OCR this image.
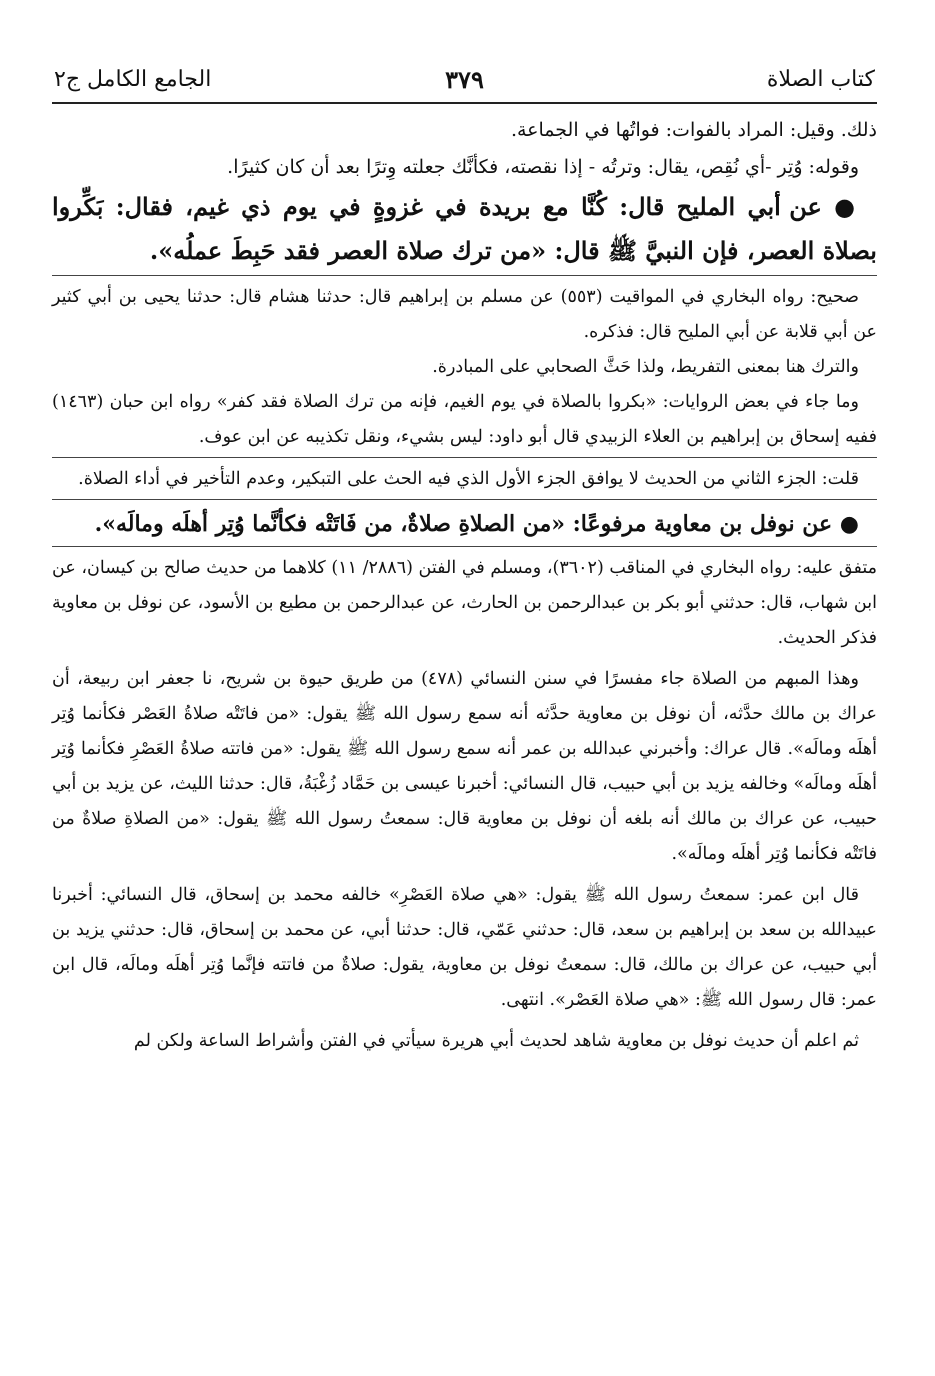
كتاب الصلاة
٣٧٩
الجامع الكامل ج٢

ذلك. وقيل: المراد بالفوات: فواتُها في الجماعة.

وقوله: وُتِر -أي نُقِص، يقال: وترتُه - إذا نقصته، فكأنَّك جعلته وِترًا بعد أن كان كثيرًا.

● عن أبي المليح قال: كُنَّا مع بريدة في غزوةٍ في يوم ذي غيم، فقال: بَكِّروا بصلاة العصر، فإن النبيَّ ﷺ قال: «من ترك صلاة العصر فقد حَبِطَ عملُه».

صحيح: رواه البخاري في المواقيت (٥٥٣) عن مسلم بن إبراهيم قال: حدثنا هشام قال: حدثنا يحيى بن أبي كثير عن أبي قلابة عن أبي المليح قال: فذكره.

والترك هنا بمعنى التفريط، ولذا حَثَّ الصحابي على المبادرة.

وما جاء في بعض الروايات: «بكروا بالصلاة في يوم الغيم، فإنه من ترك الصلاة فقد كفر» رواه ابن حبان (١٤٦٣) ففيه إسحاق بن إبراهيم بن العلاء الزبيدي قال أبو داود: ليس بشيء، ونقل تكذيبه عن ابن عوف.

قلت: الجزء الثاني من الحديث لا يوافق الجزء الأول الذي فيه الحث على التبكير، وعدم التأخير في أداء الصلاة.

● عن نوفل بن معاوية مرفوعًا: «من الصلاةِ صلاةٌ، من فَاتَتْه فكأنَّما وُتِر أهلَه ومالَه».

متفق عليه: رواه البخاري في المناقب (٣٦٠٢)، ومسلم في الفتن (٢٨٨٦/ ١١) كلاهما من حديث صالح بن كيسان، عن ابن شهاب، قال: حدثني أبو بكر بن عبدالرحمن بن الحارث، عن عبدالرحمن بن مطيع بن الأسود، عن نوفل بن معاوية فذكر الحديث.

وهذا المبهم من الصلاة جاء مفسرًا في سنن النسائي (٤٧٨) من طريق حيوة بن شريح، نا جعفر ابن ربيعة، أن عراك بن مالك حدَّثه، أن نوفل بن معاوية حدَّثه أنه سمع رسول الله ﷺ يقول: «من فاتَتْه صلاةُ العَصْر فكأنما وُتِر أهلَه ومالَه». قال عراك: وأخبرني عبدالله بن عمر أنه سمع رسول الله ﷺ يقول: «من فاتته صلاةُ العَصْرِ فكأنما وُتِر أهلَه ومالَه» وخالفه يزيد بن أبي حبيب، قال النسائي: أخبرنا عيسى بن حَمَّاد زُغْبَةُ، قال: حدثنا الليث، عن يزيد بن أبي حبيب، عن عراك بن مالك أنه بلغه أن نوفل بن معاوية قال: سمعتُ رسول الله ﷺ يقول: «من الصلاةِ صلاةٌ من فاتَتْه فكأنما وُتِر أهلَه ومالَه».

قال ابن عمر: سمعتُ رسول الله ﷺ يقول: «هي صلاة العَصْرِ» خالفه محمد بن إسحاق، قال النسائي: أخبرنا عبيدالله بن سعد بن إبراهيم بن سعد، قال: حدثني عَمّي، قال: حدثنا أبي، عن محمد بن إسحاق، قال: حدثني يزيد بن أبي حبيب، عن عراك بن مالك، قال: سمعتُ نوفل بن معاوية، يقول: صلاةٌ من فاتته فإنَّما وُتِر أهلَه ومالَه، قال ابن عمر: قال رسول الله ﷺ: «هي صلاة العَصْر». انتهى.

ثم اعلم أن حديث نوفل بن معاوية شاهد لحديث أبي هريرة سيأتي في الفتن وأشراط الساعة ولكن لم
